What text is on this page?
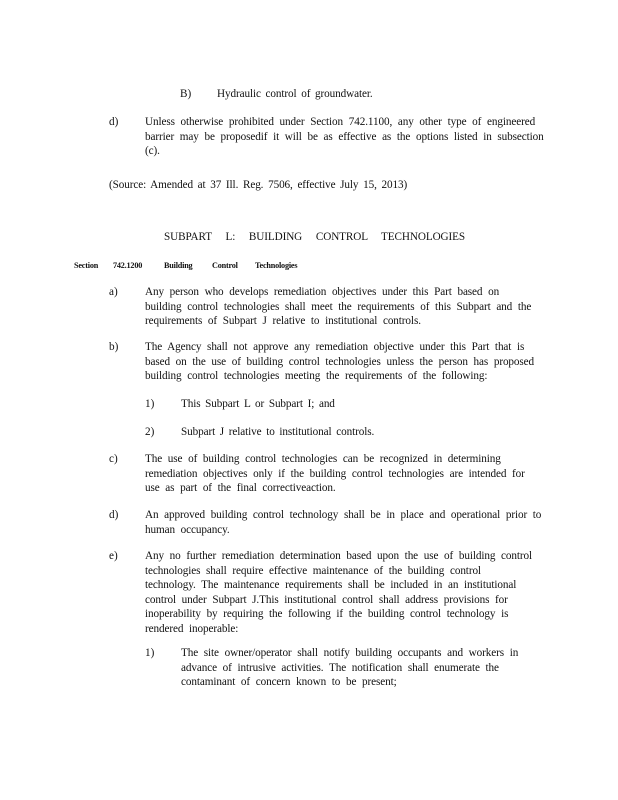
B) Hydraulic control of groundwater.
d) Unless otherwise prohibited under Section 742.1100, any other type of engineered
barrier may be proposedif it will be as effective as the options listed in subsection
(c).
(Source: Amended at 37 Ill. Reg. 7506, effective July 15, 2013)
SUBPART L: BUILDING CONTROL TECHNOLOGIES
Section 742.1200	Building Control Technologies
a) Any person who develops remediation objectives under this Part based on
building control technologies shall meet the requirements of this Subpart and the
requirements of Subpart J relative to institutional controls.
b) The Agency shall not approve any remediation objective under this Part that is
based on the use of building control technologies unless the person has proposed
building control technologies meeting the requirements of the following:
1) This Subpart L or Subpart I; and
2) Subpart J relative to institutional controls.
c) The use of building control technologies can be recognized in determining
remediation objectives only if the building control technologies are intended for
use as part of the final correctiveaction.
d) An approved building control technology shall be in place and operational prior to
human occupancy.
e) Any no further remediation determination based upon the use of building control
technologies shall require effective maintenance of the building control
technology. The maintenance requirements shall be included in an institutional
control under Subpart J.This institutional control shall address provisions for
inoperability by requiring the following if the building control technology is
rendered inoperable:
1) The site owner/operator shall notify building occupants and workers in
advance of intrusive activities. The notification shall enumerate the
contaminant of concern known to be present;
